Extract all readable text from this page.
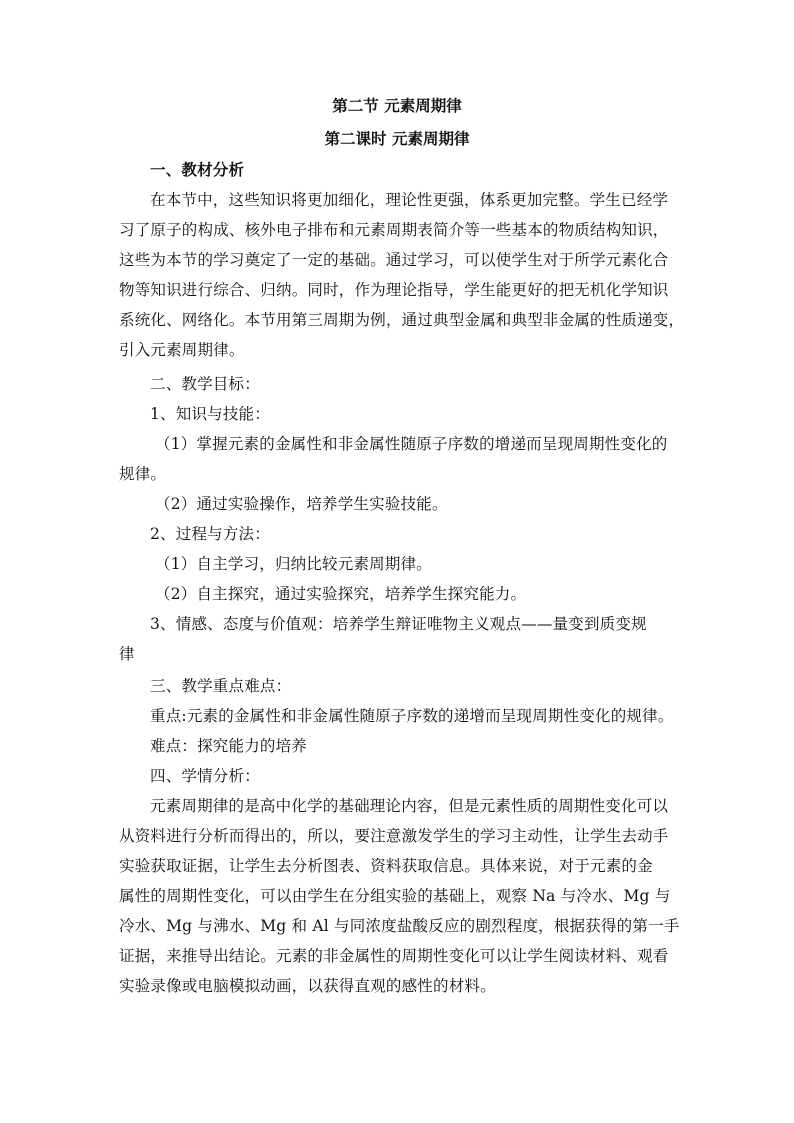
第二节 元素周期律
第二课时 元素周期律
一、教材分析
在本节中，这些知识将更加细化，理论性更强，体系更加完整。学生已经学
习了原子的构成、核外电子排布和元素周期表简介等一些基本的物质结构知识，
这些为本节的学习奠定了一定的基础。通过学习，可以使学生对于所学元素化合
物等知识进行综合、归纳。同时，作为理论指导，学生能更好的把无机化学知识
系统化、网络化。本节用第三周期为例，通过典型金属和典型非金属的性质递变，
引入元素周期律。
二、教学目标：
1、知识与技能：
（1）掌握元素的金属性和非金属性随原子序数的增递而呈现周期性变化的
规律。
（2）通过实验操作，培养学生实验技能。
2、过程与方法：
（1）自主学习，归纳比较元素周期律。
（2）自主探究，通过实验探究，培养学生探究能力。
3、情感、态度与价值观：培养学生辩证唯物主义观点——量变到质变规
律
三、教学重点难点：
重点:元素的金属性和非金属性随原子序数的递增而呈现周期性变化的规律。
难点：探究能力的培养
四、学情分析：
元素周期律的是高中化学的基础理论内容，但是元素性质的周期性变化可以
从资料进行分析而得出的，所以，要注意激发学生的学习主动性，让学生去动手
实验获取证据，让学生去分析图表、资料获取信息。具体来说，对于元素的金
属性的周期性变化，可以由学生在分组实验的基础上，观察 Na 与冷水、Mg 与
冷水、Mg 与沸水、Mg 和 Al 与同浓度盐酸反应的剧烈程度，根据获得的第一手
证据，来推导出结论。元素的非金属性的周期性变化可以让学生阅读材料、观看
实验录像或电脑模拟动画，以获得直观的感性的材料。
